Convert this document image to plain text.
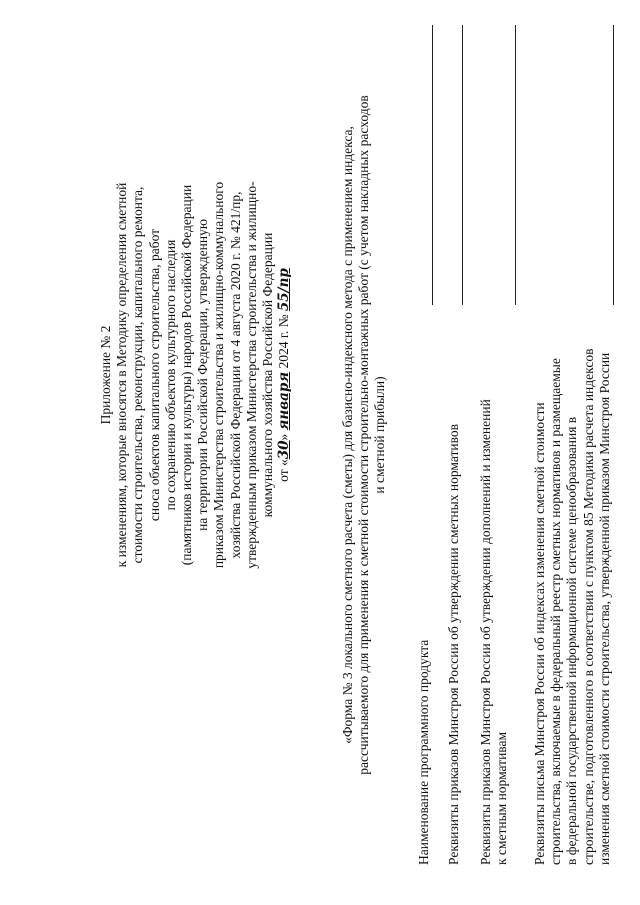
Приложение № 2 к изменениям, которые вносятся в Методику определения сметной стоимости строительства, реконструкции, капитального ремонта, сноса объектов капитального строительства, работ по сохранению объектов культурного наследия (памятников истории и культуры) народов Российской Федерации на территории Российской Федерации, утвержденную приказом Министерства строительства и жилищно-коммунального хозяйства Российской Федерации от 4 августа 2020 г. № 421/пр, утвержденным приказом Министерства строительства и жилищно- коммунального хозяйства Российской Федерации от «30» января 2024 г. № 55/пр	«Форма № 3 локального сметного расчета (сметы) для базисно-индексного метода с применением индекса, рассчитываемого для применения к сметной стоимости строительно-монтажных работ (с учетом накладных расходов и сметной прибыли)
Наименование программного продукта Реквизиты приказов Минстроя России об утверждении сметных нормативов Реквизиты приказов Минстроя России об утверждении дополнений и изменений к сметным нормативам Реквизиты письма Минстроя России об индексах изменения сметной стоимости строительства, включаемые в федеральный реестр сметных нормативов и размещаемые в федеральной государственной информационной системе ценообразования в строительстве, подготовленного в соответствии с пунктом 85 Методики расчета индексов изменения сметной стоимости строительства, утвержденной приказом Минстроя России
